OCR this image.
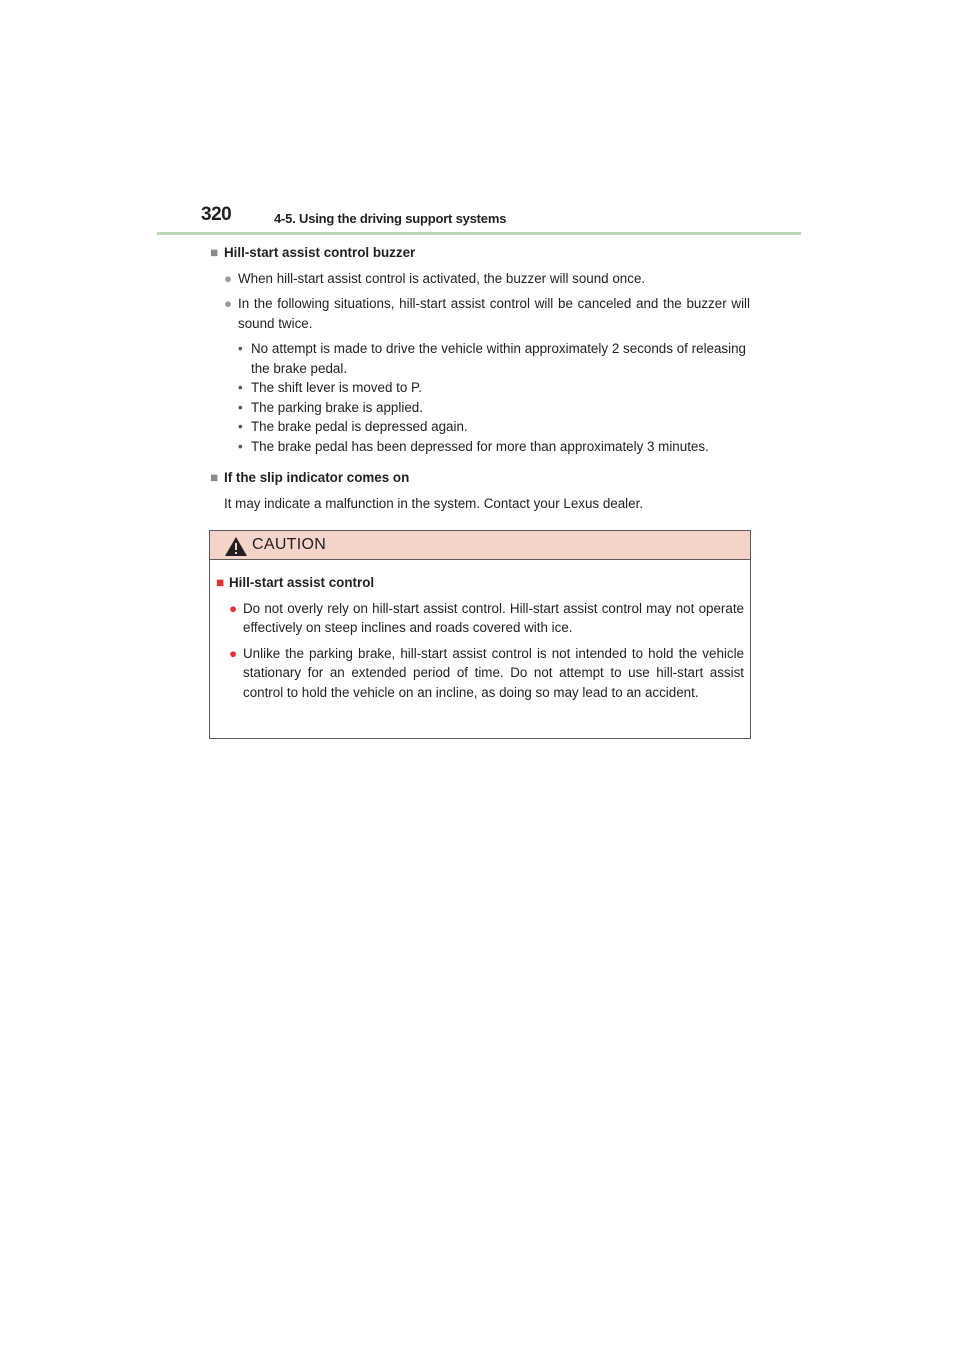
320	4-5. Using the driving support systems
■ Hill-start assist control buzzer
● When hill-start assist control is activated, the buzzer will sound once.
● In the following situations, hill-start assist control will be canceled and the buzzer will sound twice.
• No attempt is made to drive the vehicle within approximately 2 seconds of releasing the brake pedal.
• The shift lever is moved to P.
• The parking brake is applied.
• The brake pedal is depressed again.
• The brake pedal has been depressed for more than approximately 3 minutes.
■ If the slip indicator comes on
It may indicate a malfunction in the system. Contact your Lexus dealer.
CAUTION
■ Hill-start assist control
● Do not overly rely on hill-start assist control. Hill-start assist control may not operate effectively on steep inclines and roads covered with ice.
● Unlike the parking brake, hill-start assist control is not intended to hold the vehicle stationary for an extended period of time. Do not attempt to use hill-start assist control to hold the vehicle on an incline, as doing so may lead to an accident.
